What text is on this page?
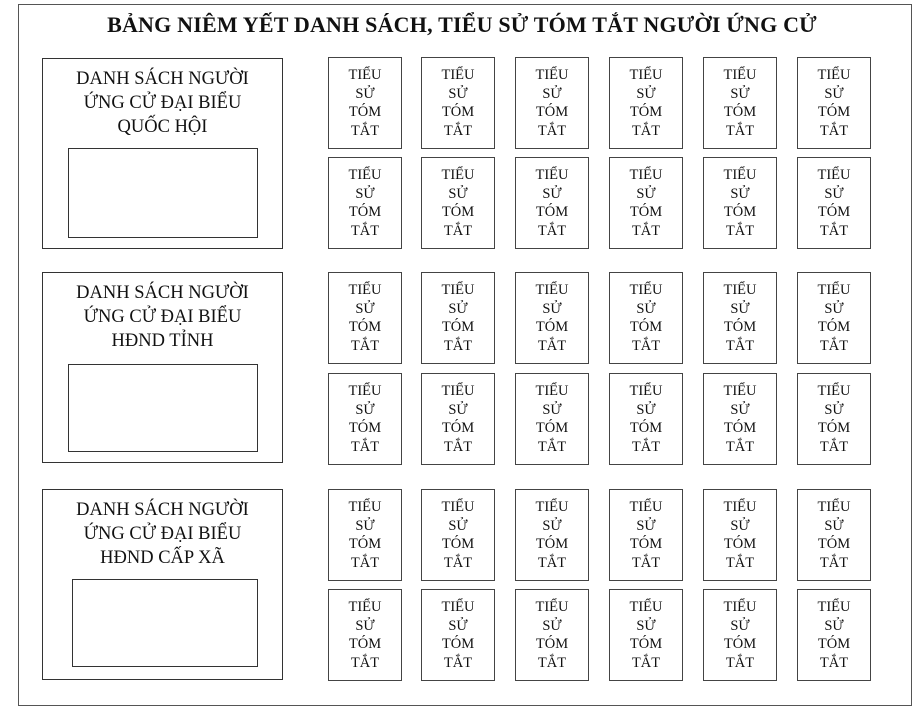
BẢNG NIÊM YẾT DANH SÁCH, TIỂU SỬ TÓM TẮT NGƯỜI ỨNG CỬ
DANH SÁCH NGƯỜI
ỨNG CỬ ĐẠI BIỂU
QUỐC HỘI
DANH SÁCH NGƯỜI
ỨNG CỬ ĐẠI BIỂU
HĐND TỈNH
DANH SÁCH NGƯỜI
ỨNG CỬ ĐẠI BIỂU
HĐND CẤP XÃ
TIỂU
SỬ
TÓM
TẮT
TIỂU
SỬ
TÓM
TẮT
TIỂU
SỬ
TÓM
TẮT
TIỂU
SỬ
TÓM
TẮT
TIỂU
SỬ
TÓM
TẮT
TIỂU
SỬ
TÓM
TẮT
TIỂU
SỬ
TÓM
TẮT
TIỂU
SỬ
TÓM
TẮT
TIỂU
SỬ
TÓM
TẮT
TIỂU
SỬ
TÓM
TẮT
TIỂU
SỬ
TÓM
TẮT
TIỂU
SỬ
TÓM
TẮT
TIỂU
SỬ
TÓM
TẮT
TIỂU
SỬ
TÓM
TẮT
TIỂU
SỬ
TÓM
TẮT
TIỂU
SỬ
TÓM
TẮT
TIỂU
SỬ
TÓM
TẮT
TIỂU
SỬ
TÓM
TẮT
TIỂU
SỬ
TÓM
TẮT
TIỂU
SỬ
TÓM
TẮT
TIỂU
SỬ
TÓM
TẮT
TIỂU
SỬ
TÓM
TẮT
TIỂU
SỬ
TÓM
TẮT
TIỂU
SỬ
TÓM
TẮT
TIỂU
SỬ
TÓM
TẮT
TIỂU
SỬ
TÓM
TẮT
TIỂU
SỬ
TÓM
TẮT
TIỂU
SỬ
TÓM
TẮT
TIỂU
SỬ
TÓM
TẮT
TIỂU
SỬ
TÓM
TẮT
TIỂU
SỬ
TÓM
TẮT
TIỂU
SỬ
TÓM
TẮT
TIỂU
SỬ
TÓM
TẮT
TIỂU
SỬ
TÓM
TẮT
TIỂU
SỬ
TÓM
TẮT
TIỂU
SỬ
TÓM
TẮT
